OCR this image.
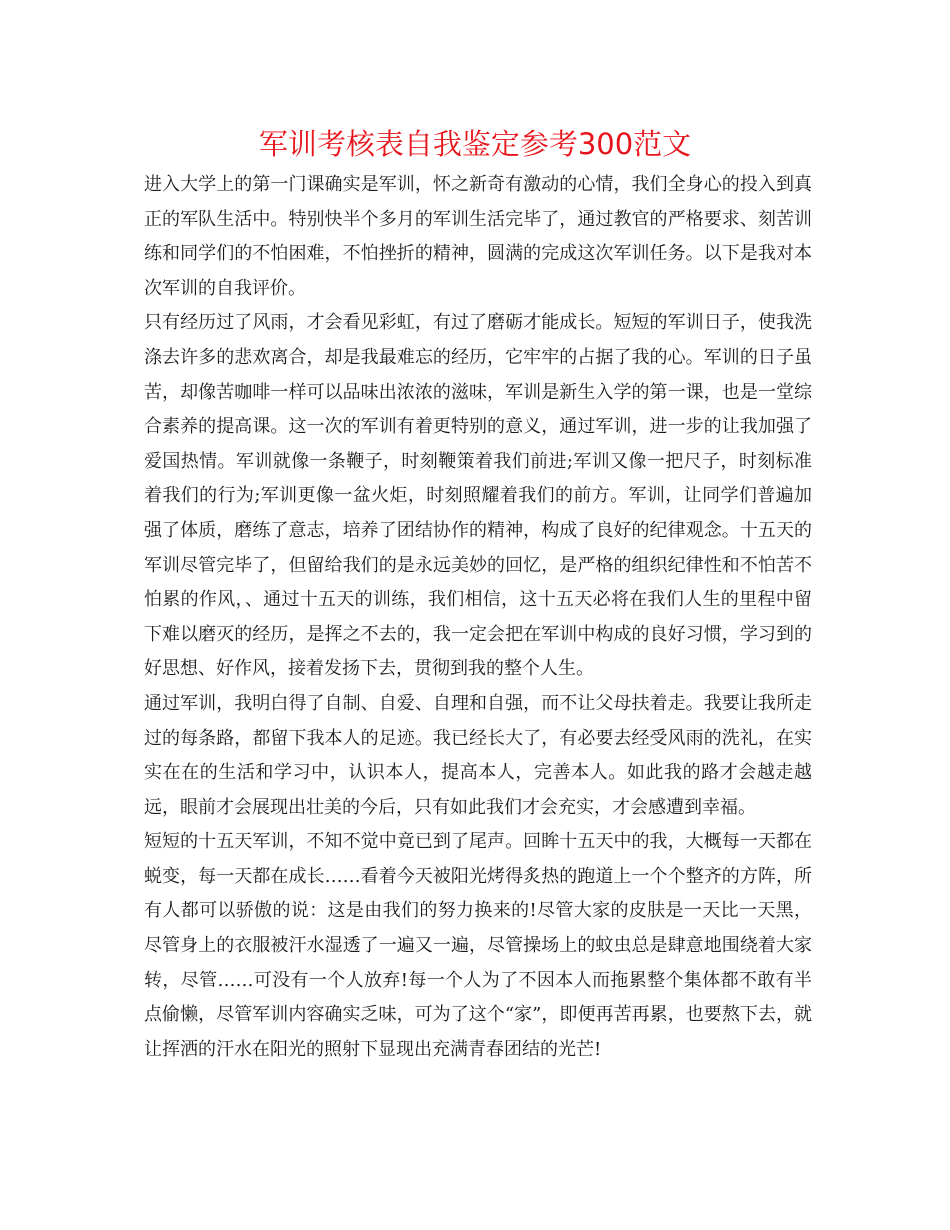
军训考核表自我鉴定参考300范文

进入大学上的第一门课确实是军训，怀之新奇有激动的心情，我们全身心的投入到真正的军队生活中。特别快半个多月的军训生活完毕了，通过教官的严格要求、刻苦训练和同学们的不怕困难，不怕挫折的精神，圆满的完成这次军训任务。以下是我对本次军训的自我评价。

只有经历过了风雨，才会看见彩虹，有过了磨砺才能成长。短短的军训日子，使我洗涤去许多的悲欢离合，却是我最难忘的经历，它牢牢的占据了我的心。军训的日子虽苦，却像苦咖啡一样可以品味出浓浓的滋味，军训是新生入学的第一课，也是一堂综合素养的提高课。这一次的军训有着更特别的意义，通过军训，进一步的让我加强了爱国热情。军训就像一条鞭子，时刻鞭策着我们前进;军训又像一把尺子，时刻标准着我们的行为;军训更像一盆火炬，时刻照耀着我们的前方。军训，让同学们普遍加强了体质，磨练了意志，培养了团结协作的精神，构成了良好的纪律观念。十五天的军训尽管完毕了，但留给我们的是永远美妙的回忆，是严格的组织纪律性和不怕苦不怕累的作风，、通过十五天的训练，我们相信，这十五天必将在我们人生的里程中留下难以磨灭的经历，是挥之不去的，我一定会把在军训中构成的良好习惯，学习到的好思想、好作风，接着发扬下去，贯彻到我的整个人生。

通过军训，我明白得了自制、自爱、自理和自强，而不让父母扶着走。我要让我所走过的每条路，都留下我本人的足迹。我已经长大了，有必要去经受风雨的洗礼，在实实在在的生活和学习中，认识本人，提高本人，完善本人。如此我的路才会越走越远，眼前才会展现出壮美的今后，只有如此我们才会充实，才会感遭到幸福。

短短的十五天军训，不知不觉中竟已到了尾声。回眸十五天中的我，大概每一天都在蜕变，每一天都在成长……看着今天被阳光烤得炙热的跑道上一个个整齐的方阵，所有人都可以骄傲的说：这是由我们的努力换来的!尽管大家的皮肤是一天比一天黑，尽管身上的衣服被汗水湿透了一遍又一遍，尽管操场上的蚊虫总是肆意地围绕着大家转，尽管……可没有一个人放弃!每一个人为了不因本人而拖累整个集体都不敢有半点偷懒，尽管军训内容确实乏味，可为了这个“家”，即便再苦再累，也要熬下去，就让挥洒的汗水在阳光的照射下显现出充满青春团结的光芒!
